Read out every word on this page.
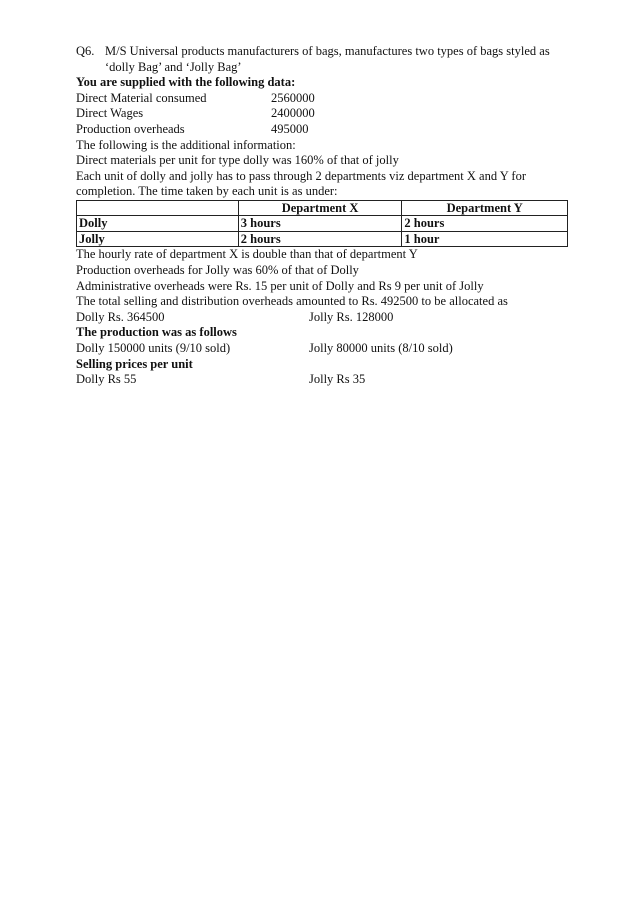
Q6. M/S Universal products manufacturers of bags, manufactures two types of bags styled as ‘dolly Bag’ and ‘Jolly Bag’
You are supplied with the following data:
Direct Material consumed	2560000
Direct Wages	2400000
Production overheads	495000
The following is the additional information:
Direct materials per unit for type dolly was 160% of that of jolly
Each unit of dolly and jolly has to pass through 2 departments viz department X and Y for completion. The time taken by each unit is as under:
	Department X	Department Y
Dolly	3 hours	2 hours
Jolly	2 hours	1 hour
The hourly rate of department X is double than that of department Y
Production overheads for Jolly was 60% of that of Dolly
Administrative overheads were Rs. 15 per unit of Dolly and Rs 9 per unit of Jolly
The total selling and distribution overheads amounted to Rs. 492500 to be allocated as
Dolly Rs. 364500	Jolly Rs. 128000
The production was as follows
Dolly 150000 units (9/10 sold)	Jolly 80000 units (8/10 sold)
Selling prices per unit
Dolly Rs 55	Jolly Rs 35
